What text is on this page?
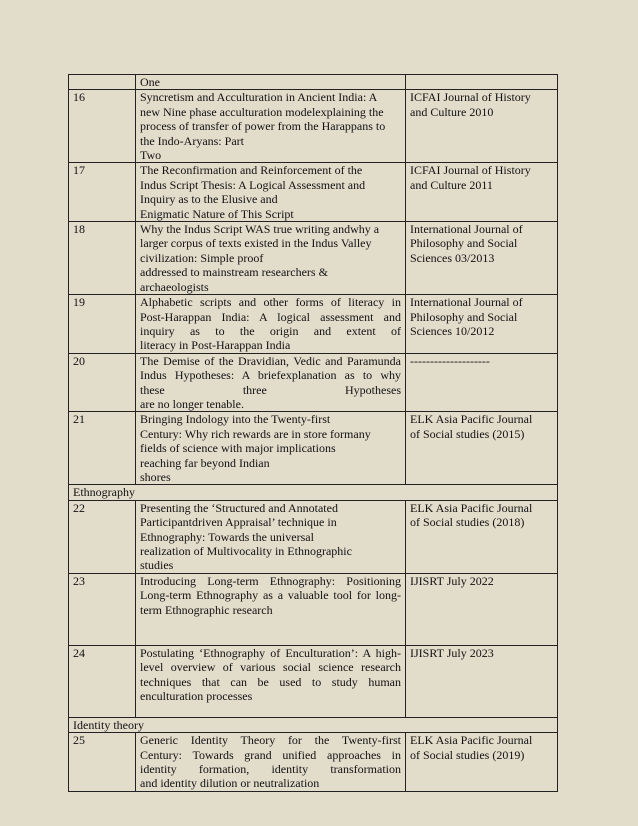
	One	

16	Syncretism and Acculturation in Ancient India: A
new Nine phase acculturation modelexplaining the
process of transfer of power from the Harappans to
the Indo-Aryans: Part
Two	ICFAI Journal of History
and Culture 2010

17	The Reconfirmation and Reinforcement of the
Indus Script Thesis: A Logical Assessment and
Inquiry as to the Elusive and
Enigmatic Nature of This Script	ICFAI Journal of History
and Culture 2011

18	Why the Indus Script WAS true writing andwhy a
larger corpus of texts existed in the Indus Valley
civilization: Simple proof
addressed to mainstream researchers &
archaeologists	International Journal of
Philosophy and Social
Sciences 03/2013

19	Alphabetic scripts and other forms of literacy in
Post-Harappan India: A logical assessment and
inquiry as to the origin and extent of
literacy in Post-Harappan India	International Journal of
Philosophy and Social
Sciences 10/2012

20	The Demise of the Dravidian, Vedic and Paramunda
Indus Hypotheses: A briefexplanation as to why
these three Hypotheses
are no longer tenable.	--------------------

21	Bringing Indology into the Twenty-first
Century: Why rich rewards are in store formany
fields of science with major implications
reaching far beyond Indian
shores	ELK Asia Pacific Journal
of Social studies (2015)

Ethnography		
22	Presenting the ‘Structured and Annotated
Participantdriven Appraisal’ technique in
Ethnography: Towards the universal
realization of Multivocality in Ethnographic
studies	ELK Asia Pacific Journal
of Social studies (2018)

23	Introducing Long-term Ethnography: Positioning
Long-term Ethnography as a valuable tool for long-
term Ethnographic research	IJISRT July 2022

24	Postulating ‘Ethnography of Enculturation’: A high-
level overview of various social science research
techniques that can be used to study human
enculturation processes	IJISRT July 2023

Identity theory		
25	Generic Identity Theory for the Twenty-first
Century: Towards grand unified approaches in
identity formation, identity transformation
and identity dilution or neutralization	ELK Asia Pacific Journal
of Social studies (2019)
